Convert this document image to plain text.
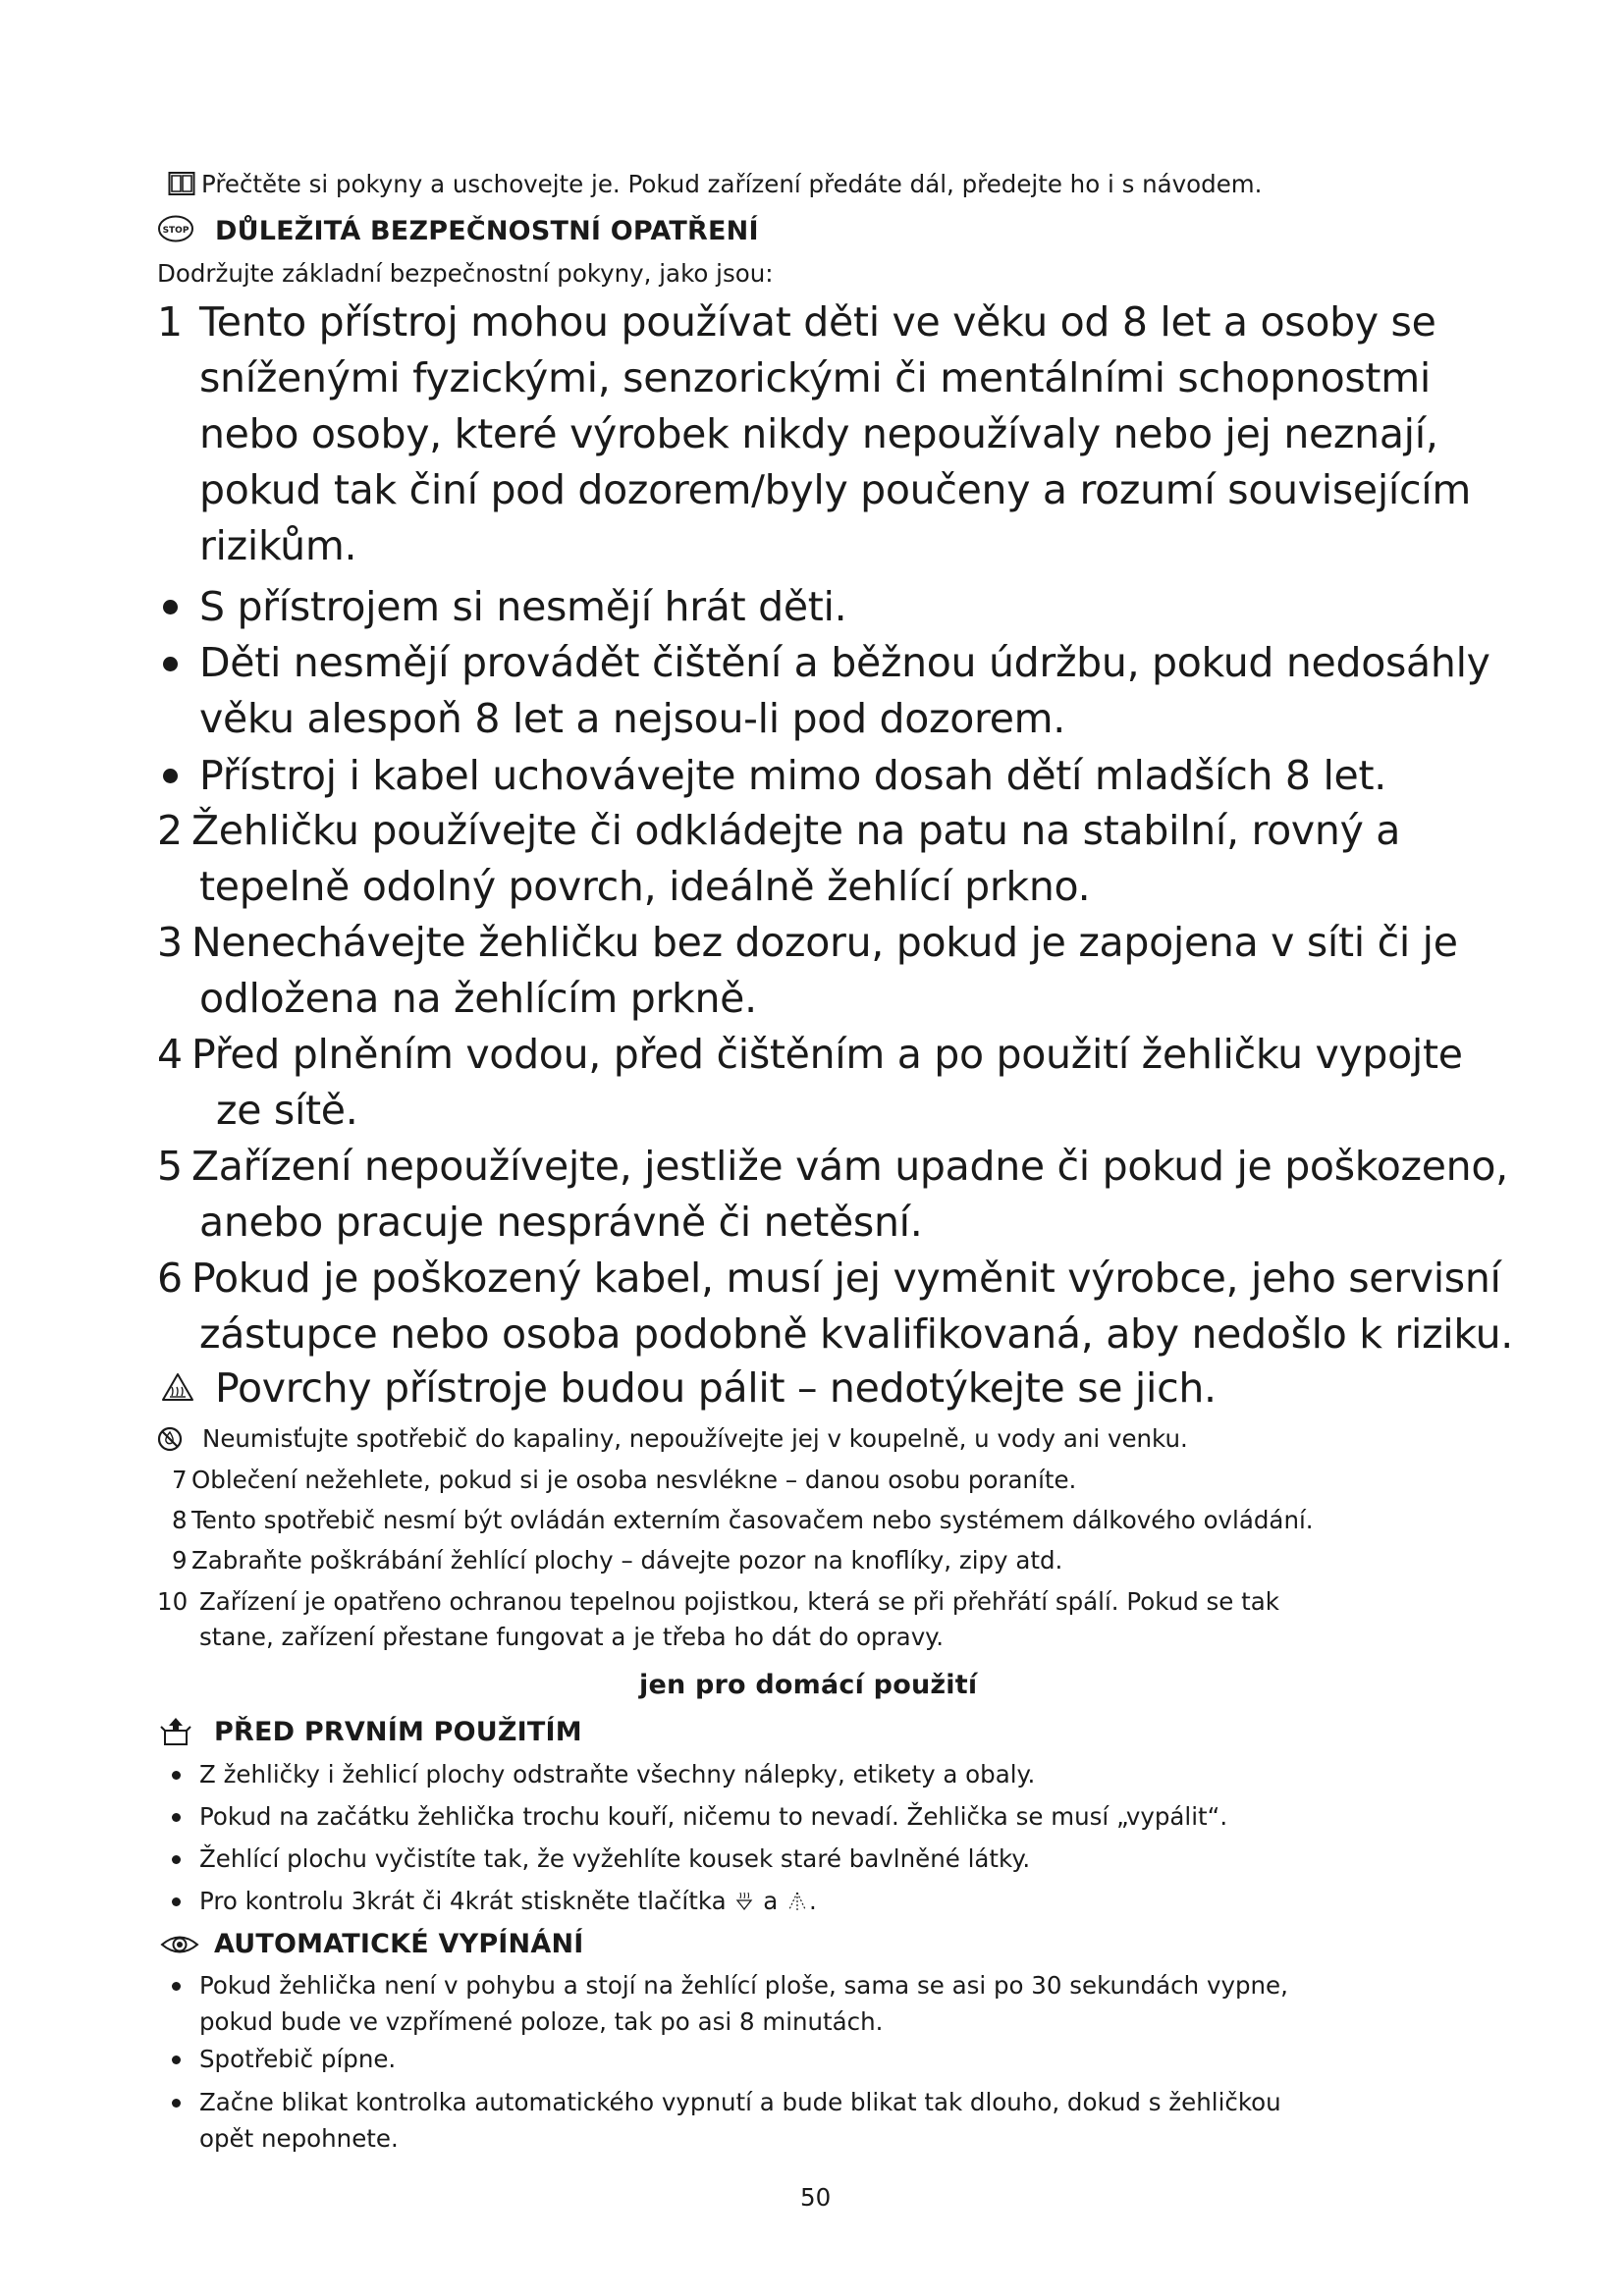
Přečtěte si pokyny a uschovejte je. Pokud zařízení předáte dál, předejte ho i s návodem.
STOP DŮLEŽITÁ BEZPEČNOSTNÍ OPATŘENÍ
Dodržujte základní bezpečnostní pokyny, jako jsou:
1 Tento přístroj mohou používat děti ve věku od 8 let a osoby se
sníženými fyzickými, senzorickými či mentálními schopnostmi
nebo osoby, které výrobek nikdy nepoužívaly nebo jej neznají,
pokud tak činí pod dozorem/byly poučeny a rozumí souvisejícím
rizikům.
S přístrojem si nesmějí hrát děti.
Děti nesmějí provádět čištění a běžnou údržbu, pokud nedosáhly
věku alespoň 8 let a nejsou-li pod dozorem.
Přístroj i kabel uchovávejte mimo dosah dětí mladších 8 let.
2 Žehličku používejte či odkládejte na patu na stabilní, rovný a
tepelně odolný povrch, ideálně žehlící prkno.
3 Nenechávejte žehličku bez dozoru, pokud je zapojena v síti či je
odložena na žehlícím prkně.
4 Před plněním vodou, před čištěním a po použití žehličku vypojte
ze sítě.
5 Zařízení nepoužívejte, jestliže vám upadne či pokud je poškozeno,
anebo pracuje nesprávně či netěsní.
6 Pokud je poškozený kabel, musí jej vyměnit výrobce, jeho servisní
zástupce nebo osoba podobně kvalifikovaná, aby nedošlo k riziku.
Povrchy přístroje budou pálit – nedotýkejte se jich.
Neumisťujte spotřebič do kapaliny, nepoužívejte jej v koupelně, u vody ani venku.
7 Oblečení nežehlete, pokud si je osoba nesvlékne – danou osobu poraníte.
8 Tento spotřebič nesmí být ovládán externím časovačem nebo systémem dálkového ovládání.
9 Zabraňte poškrábání žehlící plochy – dávejte pozor na knoflíky, zipy atd.
10 Zařízení je opatřeno ochranou tepelnou pojistkou, která se při přehřátí spálí. Pokud se tak
stane, zařízení přestane fungovat a je třeba ho dát do opravy.
jen pro domácí použití
PŘED PRVNÍM POUŽITÍM
Z žehličky i žehlicí plochy odstraňte všechny nálepky, etikety a obaly.
Pokud na začátku žehlička trochu kouří, ničemu to nevadí. Žehlička se musí „vypálit“.
Žehlící plochu vyčistíte tak, že vyžehlíte kousek staré bavlněné látky.
Pro kontrolu 3krát či 4krát stiskněte tlačítka a .
AUTOMATICKÉ VYPÍNÁNÍ
Pokud žehlička není v pohybu a stojí na žehlící ploše, sama se asi po 30 sekundách vypne,
pokud bude ve vzpřímené poloze, tak po asi 8 minutách.
Spotřebič pípne.
Začne blikat kontrolka automatického vypnutí a bude blikat tak dlouho, dokud s žehličkou
opět nepohnete.
50
